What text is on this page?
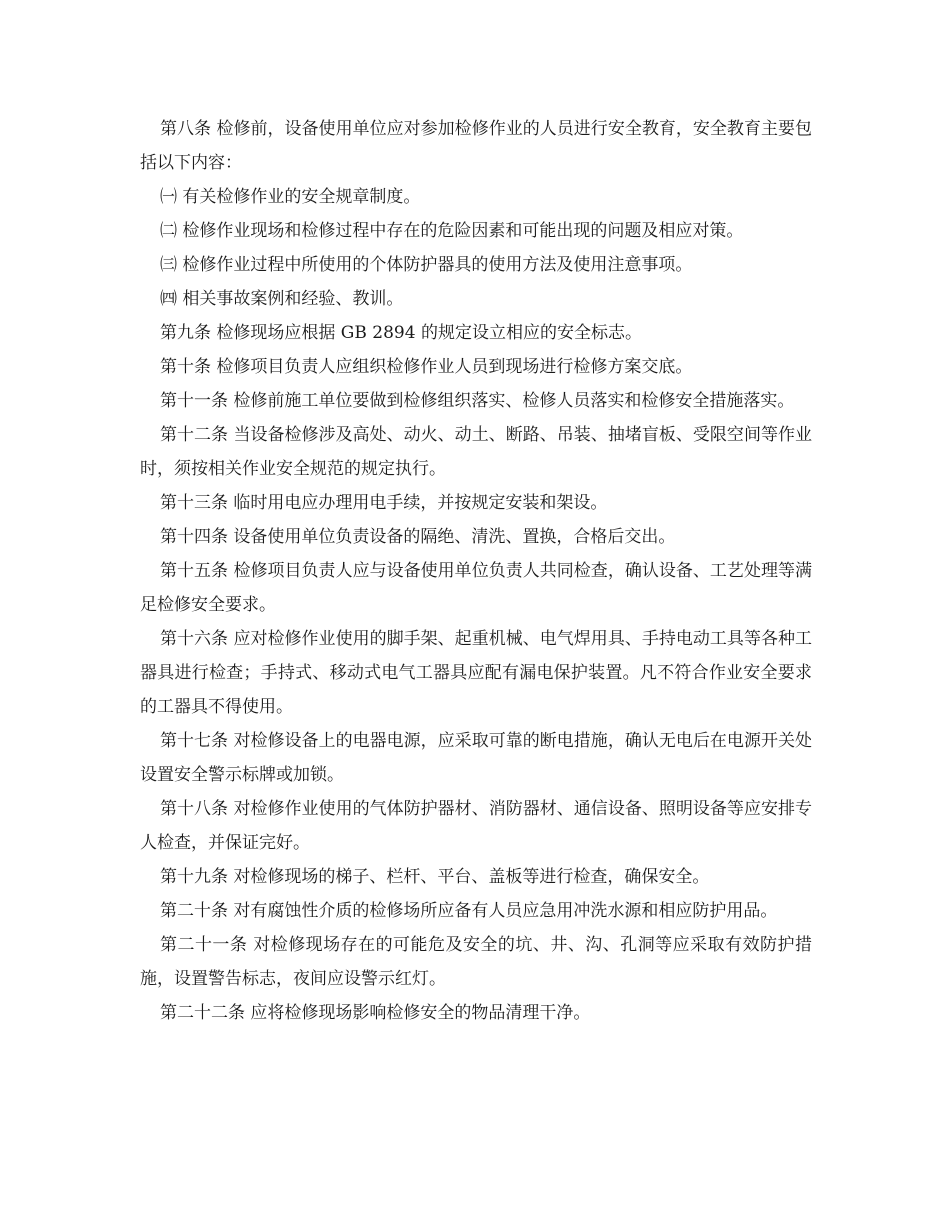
第八条 检修前，设备使用单位应对参加检修作业的人员进行安全教育，安全教育主要包括以下内容：

㈠ 有关检修作业的安全规章制度。

㈡ 检修作业现场和检修过程中存在的危险因素和可能出现的问题及相应对策。

㈢ 检修作业过程中所使用的个体防护器具的使用方法及使用注意事项。

㈣ 相关事故案例和经验、教训。

第九条 检修现场应根据 GB 2894 的规定设立相应的安全标志。

第十条 检修项目负责人应组织检修作业人员到现场进行检修方案交底。

第十一条 检修前施工单位要做到检修组织落实、检修人员落实和检修安全措施落实。

第十二条 当设备检修涉及高处、动火、动土、断路、吊装、抽堵盲板、受限空间等作业时，须按相关作业安全规范的规定执行。

第十三条 临时用电应办理用电手续，并按规定安装和架设。

第十四条 设备使用单位负责设备的隔绝、清洗、置换，合格后交出。

第十五条 检修项目负责人应与设备使用单位负责人共同检查，确认设备、工艺处理等满足检修安全要求。

第十六条 应对检修作业使用的脚手架、起重机械、电气焊用具、手持电动工具等各种工器具进行检查；手持式、移动式电气工器具应配有漏电保护装置。凡不符合作业安全要求的工器具不得使用。

第十七条 对检修设备上的电器电源，应采取可靠的断电措施，确认无电后在电源开关处设置安全警示标牌或加锁。

第十八条 对检修作业使用的气体防护器材、消防器材、通信设备、照明设备等应安排专人检查，并保证完好。

第十九条 对检修现场的梯子、栏杆、平台、盖板等进行检查，确保安全。

第二十条 对有腐蚀性介质的检修场所应备有人员应急用冲洗水源和相应防护用品。

第二十一条 对检修现场存在的可能危及安全的坑、井、沟、孔洞等应采取有效防护措施，设置警告标志，夜间应设警示红灯。

第二十二条 应将检修现场影响检修安全的物品清理干净。
